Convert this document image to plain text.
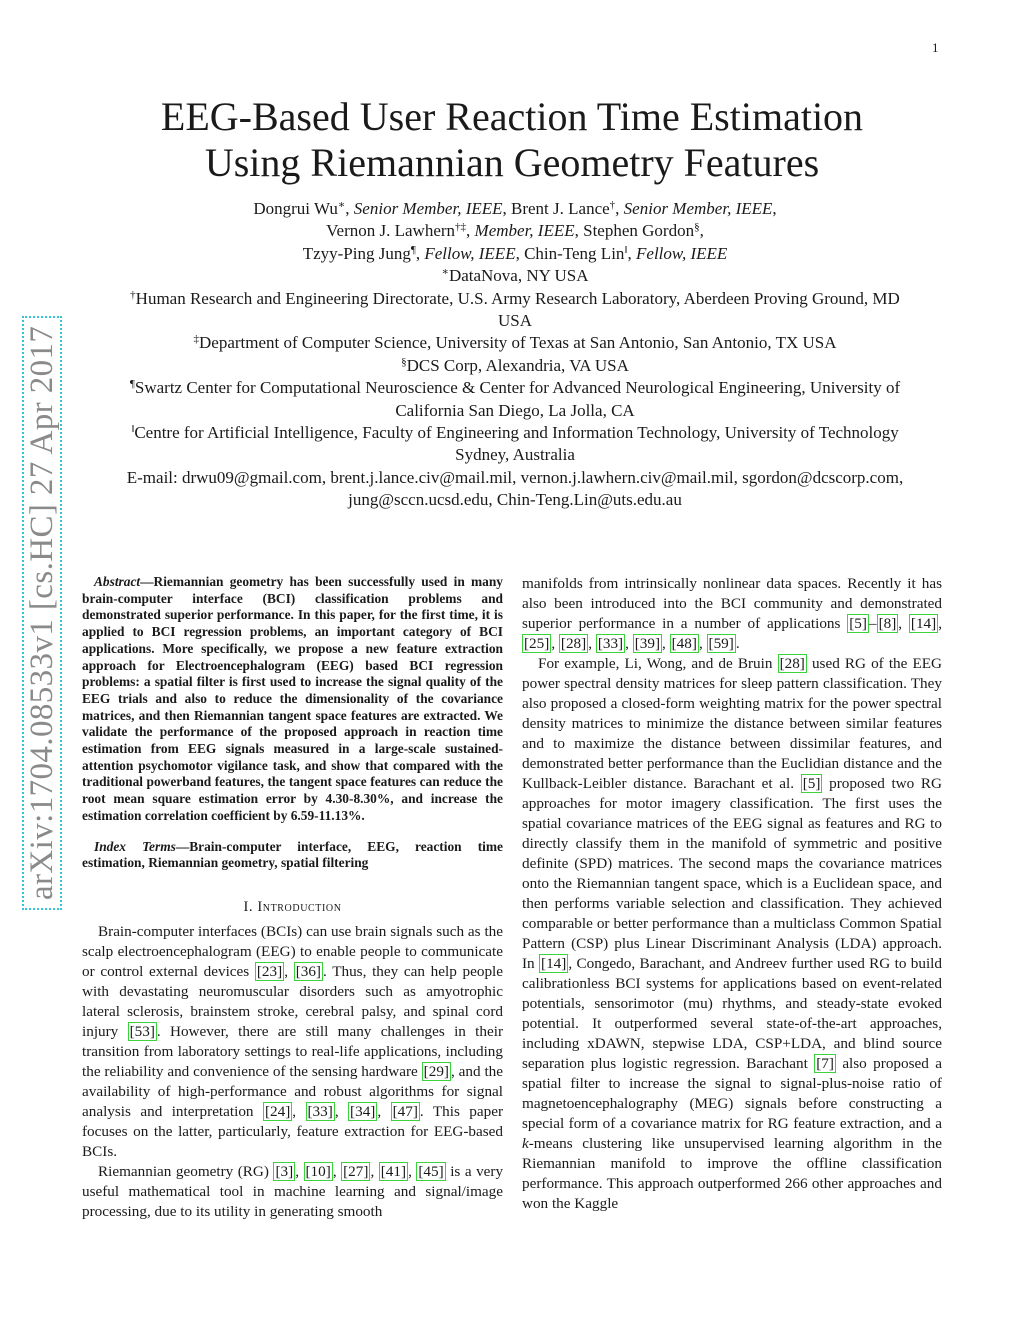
1
arXiv:1704.08533v1 [cs.HC] 27 Apr 2017
EEG-Based User Reaction Time Estimation
Using Riemannian Geometry Features
Dongrui Wu∗, Senior Member, IEEE, Brent J. Lance†, Senior Member, IEEE,
Vernon J. Lawhern†‡, Member, IEEE, Stephen Gordon§,
Tzyy-Ping Jung¶, Fellow, IEEE, Chin-Teng Lin‖, Fellow, IEEE
∗DataNova, NY USA
†Human Research and Engineering Directorate, U.S. Army Research Laboratory, Aberdeen Proving Ground, MD
USA
‡Department of Computer Science, University of Texas at San Antonio, San Antonio, TX USA
§DCS Corp, Alexandria, VA USA
¶Swartz Center for Computational Neuroscience & Center for Advanced Neurological Engineering, University of
California San Diego, La Jolla, CA
‖Centre for Artificial Intelligence, Faculty of Engineering and Information Technology, University of Technology
Sydney, Australia
E-mail: drwu09@gmail.com, brent.j.lance.civ@mail.mil, vernon.j.lawhern.civ@mail.mil, sgordon@dcscorp.com,
jung@sccn.ucsd.edu, Chin-Teng.Lin@uts.edu.au

Abstract—Riemannian geometry has been successfully used in many brain-computer interface (BCI) classification problems and demonstrated superior performance. In this paper, for the first time, it is applied to BCI regression problems, an important category of BCI applications. More specifically, we propose a new feature extraction approach for Electroencephalogram (EEG) based BCI regression problems: a spatial filter is first used to increase the signal quality of the EEG trials and also to reduce the dimensionality of the covariance matrices, and then Riemannian tangent space features are extracted. We validate the performance of the proposed approach in reaction time estimation from EEG signals measured in a large-scale sustained-attention psychomotor vigilance task, and show that compared with the traditional powerband features, the tangent space features can reduce the root mean square estimation error by 4.30-8.30%, and increase the estimation correlation coefficient by 6.59-11.13%.

Index Terms—Brain-computer interface, EEG, reaction time estimation, Riemannian geometry, spatial filtering

I. Introduction

Brain-computer interfaces (BCIs) can use brain signals such as the scalp electroencephalogram (EEG) to enable people to communicate or control external devices [23] , [36] . Thus, they can help people with devastating neuromuscular disorders such as amyotrophic lateral sclerosis, brainstem stroke, cerebral palsy, and spinal cord injury [53] . However, there are still many challenges in their transition from laboratory settings to real-life applications, including the reliability and convenience of the sensing hardware [29] , and the availability of high-performance and robust algorithms for signal analysis and interpretation [24] , [33] , [34] , [47] . This paper focuses on the latter, particularly, feature extraction for EEG-based BCIs.

Riemannian geometry (RG) [3] , [10] , [27] , [41] , [45] is a very useful mathematical tool in machine learning and signal/image processing, due to its utility in generating smooth

manifolds from intrinsically nonlinear data spaces. Recently it has also been introduced into the BCI community and demonstrated superior performance in a number of applications [5] – [8] , [14] , [25] , [28] , [33] , [39] , [48] , [59] .

For example, Li, Wong, and de Bruin [28] used RG of the EEG power spectral density matrices for sleep pattern classification. They also proposed a closed-form weighting matrix for the power spectral density matrices to minimize the distance between similar features and to maximize the distance between dissimilar features, and demonstrated better performance than the Euclidian distance and the Kullback-Leibler distance. Barachant et al. [5] proposed two RG approaches for motor imagery classification. The first uses the spatial covariance matrices of the EEG signal as features and RG to directly classify them in the manifold of symmetric and positive definite (SPD) matrices. The second maps the covariance matrices onto the Riemannian tangent space, which is a Euclidean space, and then performs variable selection and classification. They achieved comparable or better performance than a multiclass Common Spatial Pattern (CSP) plus Linear Discriminant Analysis (LDA) approach. In [14] , Congedo, Barachant, and Andreev further used RG to build calibrationless BCI systems for applications based on event-related potentials, sensorimotor (mu) rhythms, and steady-state evoked potential. It outperformed several state-of-the-art approaches, including xDAWN, stepwise LDA, CSP+LDA, and blind source separation plus logistic regression. Barachant [7] also proposed a spatial filter to increase the signal to signal-plus-noise ratio of magnetoencephalography (MEG) signals before constructing a special form of a covariance matrix for RG feature extraction, and a k-means clustering like unsupervised learning algorithm in the Riemannian manifold to improve the offline classification performance. This approach outperformed 266 other approaches and won the Kaggle
